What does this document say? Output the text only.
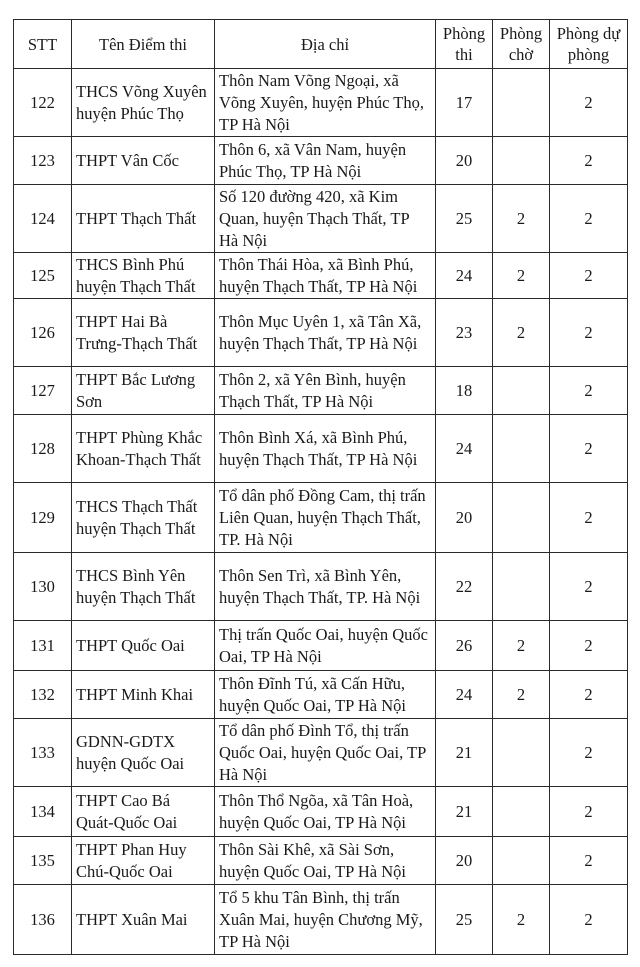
STT	Tên Điểm thi	Địa chỉ	Phòng thi	Phòng chờ	Phòng dự phòng
122	THCS Võng Xuyên huyện Phúc Thọ	Thôn Nam Võng Ngoại, xã Võng Xuyên, huyện Phúc Thọ, TP Hà Nội	17		2
123	THPT Vân Cốc	Thôn 6, xã Vân Nam, huyện Phúc Thọ, TP Hà Nội	20		2
124	THPT Thạch Thất	Số 120 đường 420, xã Kim Quan, huyện Thạch Thất, TP Hà Nội	25	2	2
125	THCS Bình Phú huyện Thạch Thất	Thôn Thái Hòa, xã Bình Phú, huyện Thạch Thất, TP Hà Nội	24	2	2
126	THPT Hai Bà Trưng-Thạch Thất	Thôn Mục Uyên 1, xã Tân Xã, huyện Thạch Thất, TP Hà Nội	23	2	2
127	THPT Bắc Lương Sơn	Thôn 2, xã Yên Bình, huyện Thạch Thất, TP Hà Nội	18		2
128	THPT Phùng Khắc Khoan-Thạch Thất	Thôn Bình Xá, xã Bình Phú, huyện Thạch Thất, TP Hà Nội	24		2
129	THCS Thạch Thất huyện Thạch Thất	Tổ dân phố Đồng Cam, thị trấn Liên Quan, huyện Thạch Thất, TP. Hà Nội	20		2
130	THCS Bình Yên huyện Thạch Thất	Thôn Sen Trì, xã Bình Yên, huyện Thạch Thất, TP. Hà Nội	22		2
131	THPT Quốc Oai	Thị trấn Quốc Oai, huyện Quốc Oai, TP Hà Nội	26	2	2
132	THPT Minh Khai	Thôn Đĩnh Tú, xã Cấn Hữu, huyện Quốc Oai, TP Hà Nội	24	2	2
133	GDNN-GDTX huyện Quốc Oai	Tổ dân phố Đình Tổ, thị trấn Quốc Oai, huyện Quốc Oai, TP Hà Nội	21		2
134	THPT Cao Bá Quát-Quốc Oai	Thôn Thổ Ngõa, xã Tân Hoà, huyện Quốc Oai, TP Hà Nội	21		2
135	THPT Phan Huy Chú-Quốc Oai	Thôn Sài Khê, xã Sài Sơn, huyện Quốc Oai, TP Hà Nội	20		2
136	THPT Xuân Mai	Tổ 5 khu Tân Bình, thị trấn Xuân Mai, huyện Chương Mỹ, TP Hà Nội	25	2	2
